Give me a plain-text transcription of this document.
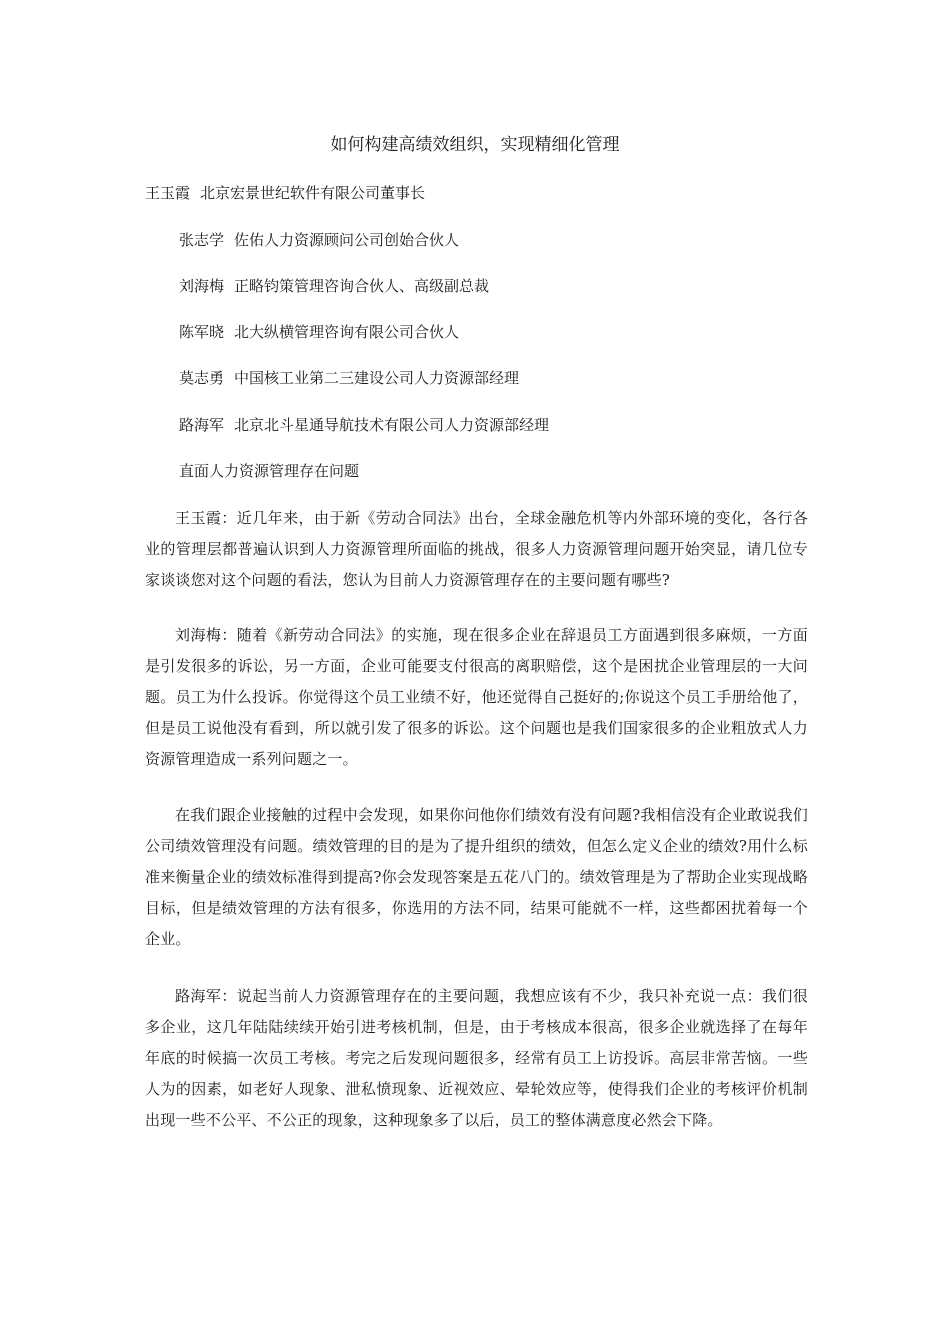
如何构建高绩效组织，实现精细化管理

王玉霞 北京宏景世纪软件有限公司董事长

张志学 佐佑人力资源顾问公司创始合伙人

刘海梅 正略钧策管理咨询合伙人、高级副总裁

陈军晓 北大纵横管理咨询有限公司合伙人

莫志勇 中国核工业第二三建设公司人力资源部经理

路海军 北京北斗星通导航技术有限公司人力资源部经理

直面人力资源管理存在问题

王玉霞：近几年来，由于新《劳动合同法》出台，全球金融危机等内外部环境的变化，各行各业的管理层都普遍认识到人力资源管理所面临的挑战，很多人力资源管理问题开始突显，请几位专家谈谈您对这个问题的看法，您认为目前人力资源管理存在的主要问题有哪些?

刘海梅：随着《新劳动合同法》的实施，现在很多企业在辞退员工方面遇到很多麻烦，一方面是引发很多的诉讼，另一方面，企业可能要支付很高的离职赔偿，这个是困扰企业管理层的一大问题。员工为什么投诉。你觉得这个员工业绩不好，他还觉得自己挺好的;你说这个员工手册给他了，但是员工说他没有看到，所以就引发了很多的诉讼。这个问题也是我们国家很多的企业粗放式人力资源管理造成一系列问题之一。

在我们跟企业接触的过程中会发现，如果你问他你们绩效有没有问题?我相信没有企业敢说我们公司绩效管理没有问题。绩效管理的目的是为了提升组织的绩效，但怎么定义企业的绩效?用什么标准来衡量企业的绩效标准得到提高?你会发现答案是五花八门的。绩效管理是为了帮助企业实现战略目标，但是绩效管理的方法有很多，你选用的方法不同，结果可能就不一样，这些都困扰着每一个企业。

路海军：说起当前人力资源管理存在的主要问题，我想应该有不少，我只补充说一点：我们很多企业，这几年陆陆续续开始引进考核机制，但是，由于考核成本很高，很多企业就选择了在每年年底的时候搞一次员工考核。考完之后发现问题很多，经常有员工上访投诉。高层非常苦恼。一些人为的因素，如老好人现象、泄私愤现象、近视效应、晕轮效应等，使得我们企业的考核评价机制出现一些不公平、不公正的现象，这种现象多了以后，员工的整体满意度必然会下降。
